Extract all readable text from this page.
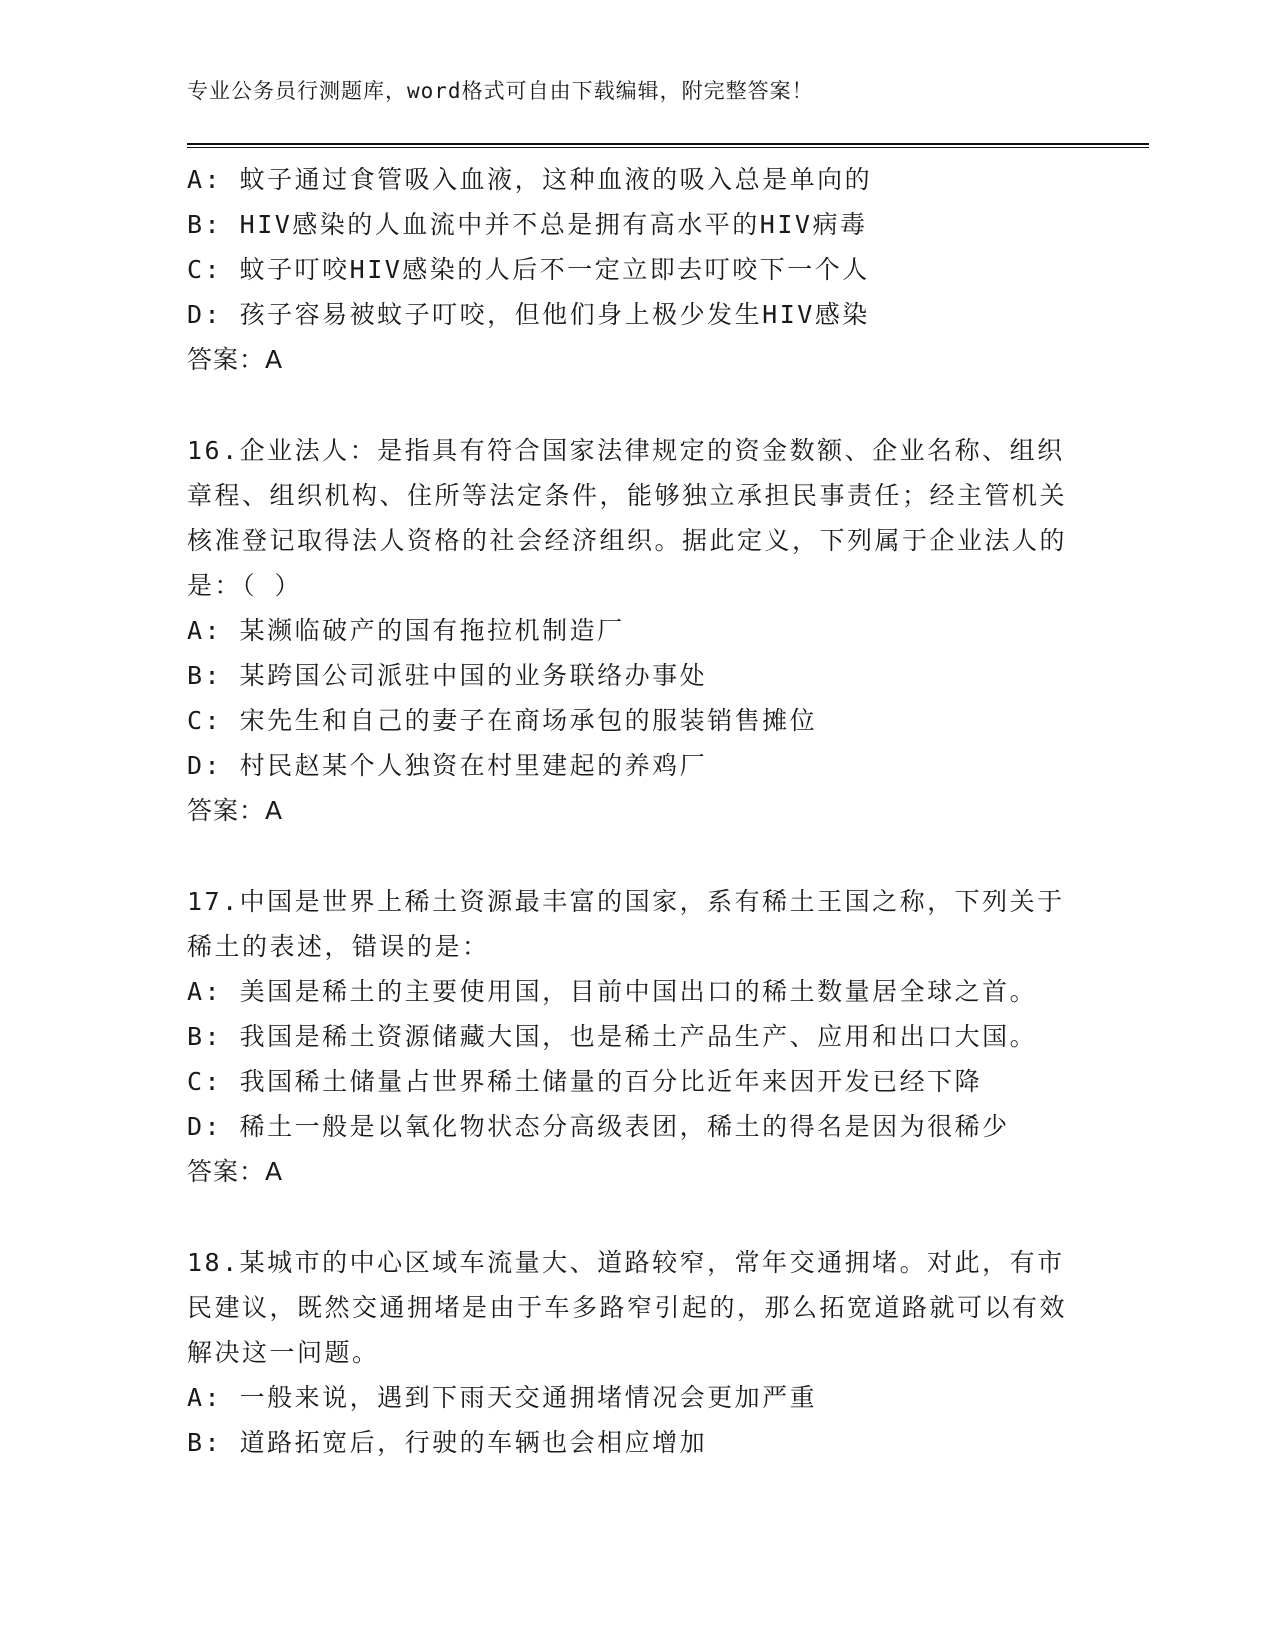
专业公务员行测题库，word格式可自由下载编辑，附完整答案！
A: 蚊子通过食管吸入血液，这种血液的吸入总是单向的
B: HIV感染的人血流中并不总是拥有高水平的HIV病毒
C: 蚊子叮咬HIV感染的人后不一定立即去叮咬下一个人
D: 孩子容易被蚊子叮咬，但他们身上极少发生HIV感染
答案：A
16.企业法人：是指具有符合国家法律规定的资金数额、企业名称、组织章程、组织机构、住所等法定条件，能够独立承担民事责任；经主管机关核准登记取得法人资格的社会经济组织。据此定义，下列属于企业法人的是：（ ）
A: 某濒临破产的国有拖拉机制造厂
B: 某跨国公司派驻中国的业务联络办事处
C: 宋先生和自己的妻子在商场承包的服装销售摊位
D: 村民赵某个人独资在村里建起的养鸡厂
答案：A
17.中国是世界上稀土资源最丰富的国家，系有稀土王国之称，下列关于稀土的表述，错误的是：
A: 美国是稀土的主要使用国，目前中国出口的稀土数量居全球之首。
B: 我国是稀土资源储藏大国，也是稀土产品生产、应用和出口大国。
C: 我国稀土储量占世界稀土储量的百分比近年来因开发已经下降
D: 稀土一般是以氧化物状态分高级表团，稀土的得名是因为很稀少
答案：A
18.某城市的中心区域车流量大、道路较窄，常年交通拥堵。对此，有市民建议，既然交通拥堵是由于车多路窄引起的，那么拓宽道路就可以有效解决这一问题。
A: 一般来说，遇到下雨天交通拥堵情况会更加严重
B: 道路拓宽后，行驶的车辆也会相应增加
